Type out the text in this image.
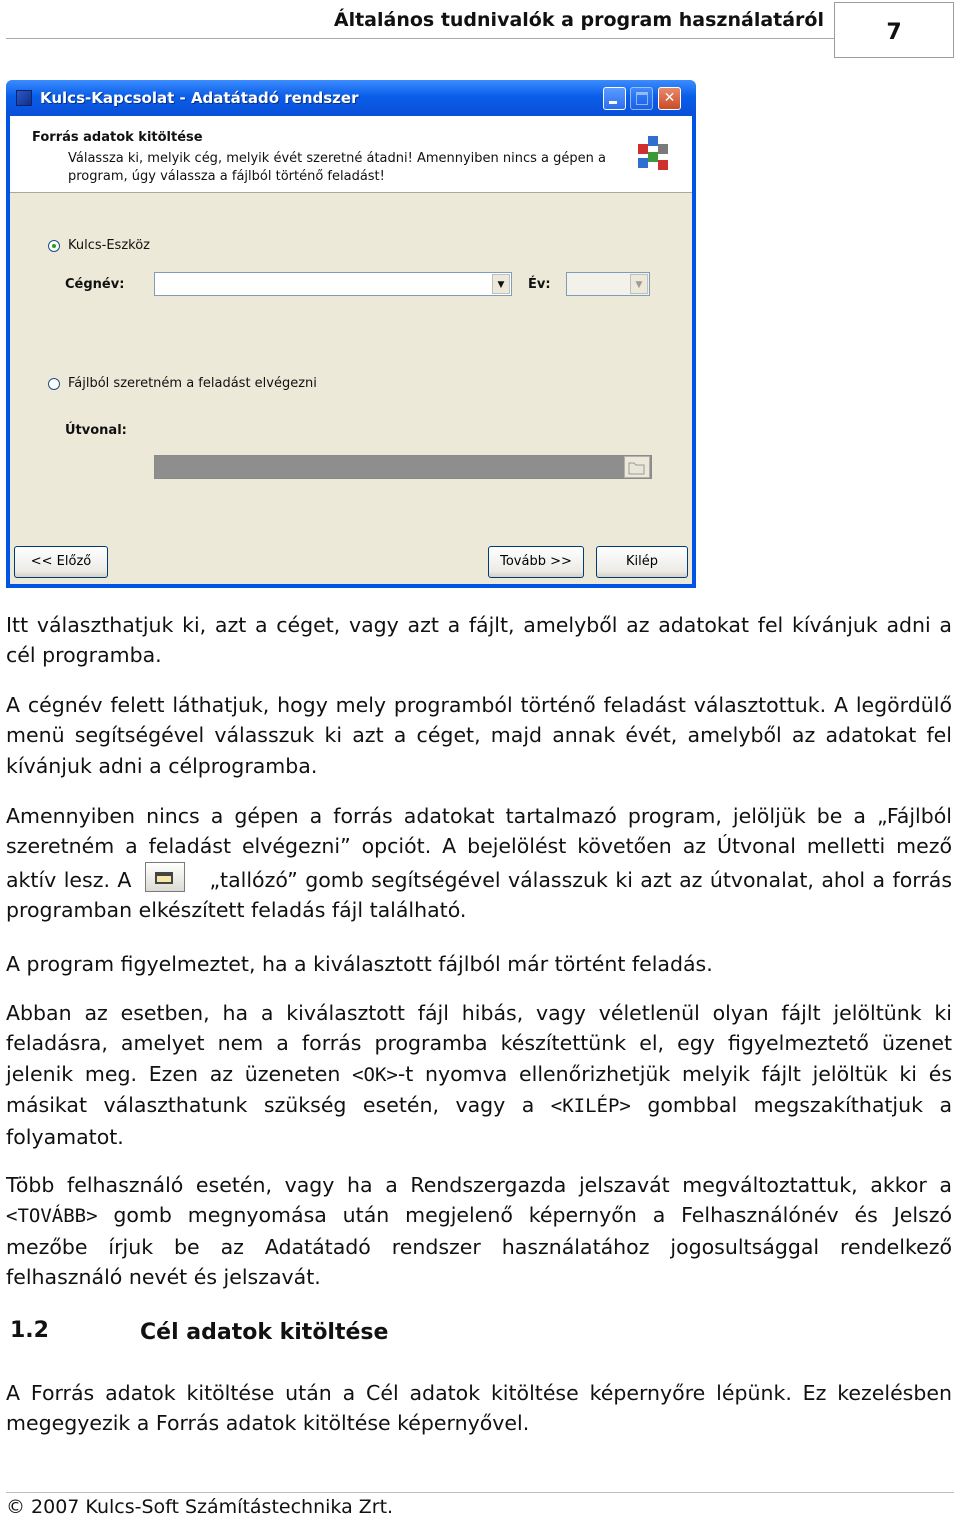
Általános tudnivalók a program használatáról	7
Kulcs-Kapcsolat - Adatátadó rendszer	✕
Forrás adatok kitöltése
Válassza ki, melyik cég, melyik évét szeretné átadni! Amennyiben nincs a gépen a program, úgy válassza a fájlból történő feladást!
Kulcs-Eszköz
Cégnév:	▼	Év:	▼
Fájlból szeretném a feladást elvégezni
Útvonal:
<< Előző	Tovább >>	Kilép

Itt választhatjuk ki, azt a céget, vagy azt a fájlt, amelyből az adatokat fel kívánjuk adni a cél programba.

A cégnév felett láthatjuk, hogy mely programból történő feladást választottuk. A legördülő menü segítségével válasszuk ki azt a céget, majd annak évét, amelyből az adatokat fel kívánjuk adni a célprogramba.

Amennyiben nincs a gépen a forrás adatokat tartalmazó program, jelöljük be a „Fájlból szeretném a feladást elvégezni” opciót. A bejelölést követően az Útvonal melletti mező aktív lesz. A	„tallózó” gomb segítségével válasszuk ki azt az útvonalat, ahol a forrás programban elkészített feladás fájl található.

A program figyelmeztet, ha a kiválasztott fájlból már történt feladás.

Abban az esetben, ha a kiválasztott fájl hibás, vagy véletlenül olyan fájlt jelöltünk ki feladásra, amelyet nem a forrás programba készítettünk el, egy figyelmeztető üzenet jelenik meg. Ezen az üzeneten <OK>-t nyomva ellenőrizhetjük melyik fájlt jelöltük ki és másikat választhatunk szükség esetén, vagy a <KILÉP> gombbal megszakíthatjuk a folyamatot.

Több felhasználó esetén, vagy ha a Rendszergazda jelszavát megváltoztattuk, akkor a <TOVÁBB> gomb megnyomása után megjelenő képernyőn a Felhasználónév és Jelszó mezőbe írjuk be az Adatátadó rendszer használatához jogosultsággal rendelkező felhasználó nevét és jelszavát.

1.2	Cél adatok kitöltése

A Forrás adatok kitöltése után a Cél adatok kitöltése képernyőre lépünk. Ez kezelésben megegyezik a Forrás adatok kitöltése képernyővel.

© 2007 Kulcs-Soft Számítástechnika Zrt.
